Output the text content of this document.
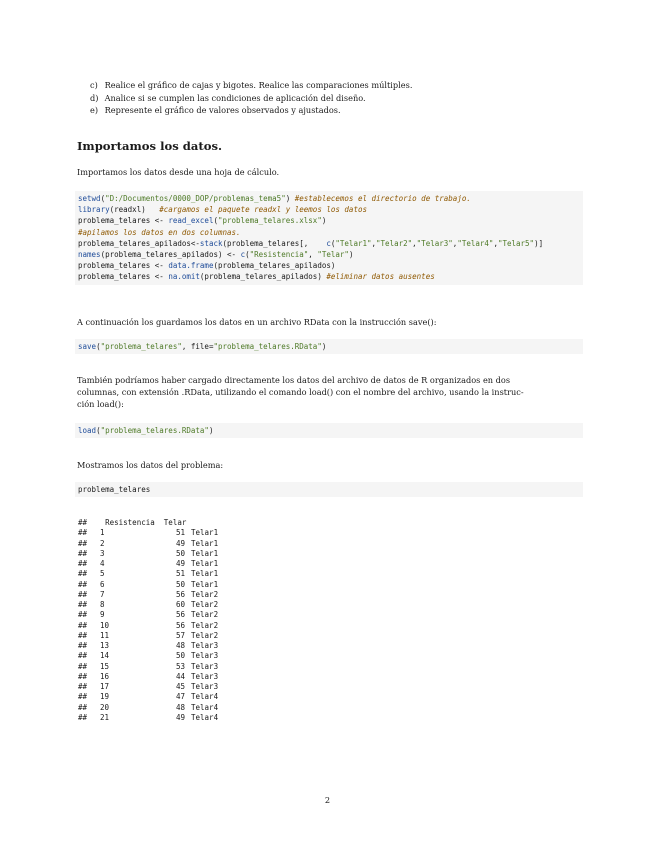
c) Realice el gráfico de cajas y bigotes. Realice las comparaciones múltiples.
d) Analice si se cumplen las condiciones de aplicación del diseño.
e) Represente el gráfico de valores observados y ajustados.
Importamos los datos.

Importamos los datos desde una hoja de cálculo.

setwd("D:/Documentos/0000_DOP/problemas_tema5") #establecemos el directorio de trabajo.
library(readxl)   #cargamos el paquete readxl y leemos los datos
problema_telares <- read_excel("problema_telares.xlsx")
#apilamos los datos en dos columnas.
problema_telares_apilados<-stack(problema_telares[,    c("Telar1","Telar2","Telar3","Telar4","Telar5")]
names(problema_telares_apilados) <- c("Resistencia", "Telar")
problema_telares <- data.frame(problema_telares_apilados)
problema_telares <- na.omit(problema_telares_apilados) #eliminar datos ausentes

A continuación los guardamos los datos en un archivo RData con la instrucción save():

save("problema_telares", file="problema_telares.RData")
También podríamos haber cargado directamente los datos del archivo de datos de R organizados en dos
columnas, con extensión .RData, utilizando el comando load() con el nombre del archivo, usando la instruc-
ción load():
load("problema_telares.RData")

Mostramos los datos del problema:

problema_telares
##    Resistencia  Telar
## 1	51 Telar1
## 2	49 Telar1
## 3	50 Telar1
## 4	49 Telar1
## 5	51 Telar1
## 6	50 Telar1
## 7	56 Telar2
## 8	60 Telar2
## 9	56 Telar2
## 10	56 Telar2
## 11	57 Telar2
## 13	48 Telar3
## 14	50 Telar3
## 15	53 Telar3
## 16	44 Telar3
## 17	45 Telar3
## 19	47 Telar4
## 20	48 Telar4
## 21	49 Telar4
2
